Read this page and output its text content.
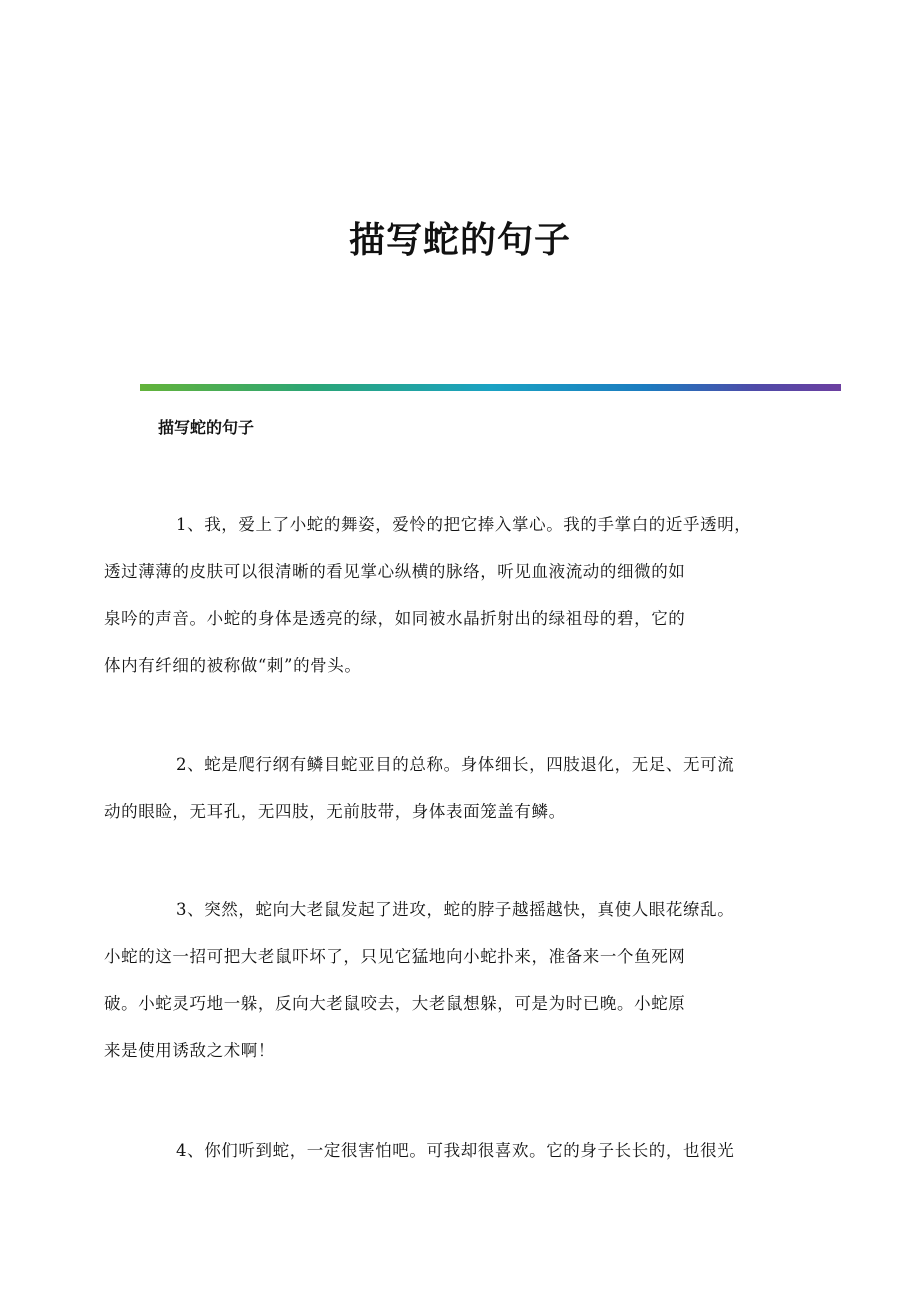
描写蛇的句子
描写蛇的句子

1、我，爱上了小蛇的舞姿，爱怜的把它捧入掌心。我的手掌白的近乎透明，
透过薄薄的皮肤可以很清晰的看见掌心纵横的脉络，听见血液流动的细微的如
泉吟的声音。小蛇的身体是透亮的绿，如同被水晶折射出的绿祖母的碧，它的
体内有纤细的被称做“刺”的骨头。

2、蛇是爬行纲有鳞目蛇亚目的总称。身体细长，四肢退化，无足、无可流
动的眼睑，无耳孔，无四肢，无前肢带，身体表面笼盖有鳞。

3、突然，蛇向大老鼠发起了进攻，蛇的脖子越摇越快，真使人眼花缭乱。
小蛇的这一招可把大老鼠吓坏了，只见它猛地向小蛇扑来，准备来一个鱼死网
破。小蛇灵巧地一躲，反向大老鼠咬去，大老鼠想躲，可是为时已晚。小蛇原
来是使用诱敌之术啊！

4、你们听到蛇，一定很害怕吧。可我却很喜欢。它的身子长长的，也很光
